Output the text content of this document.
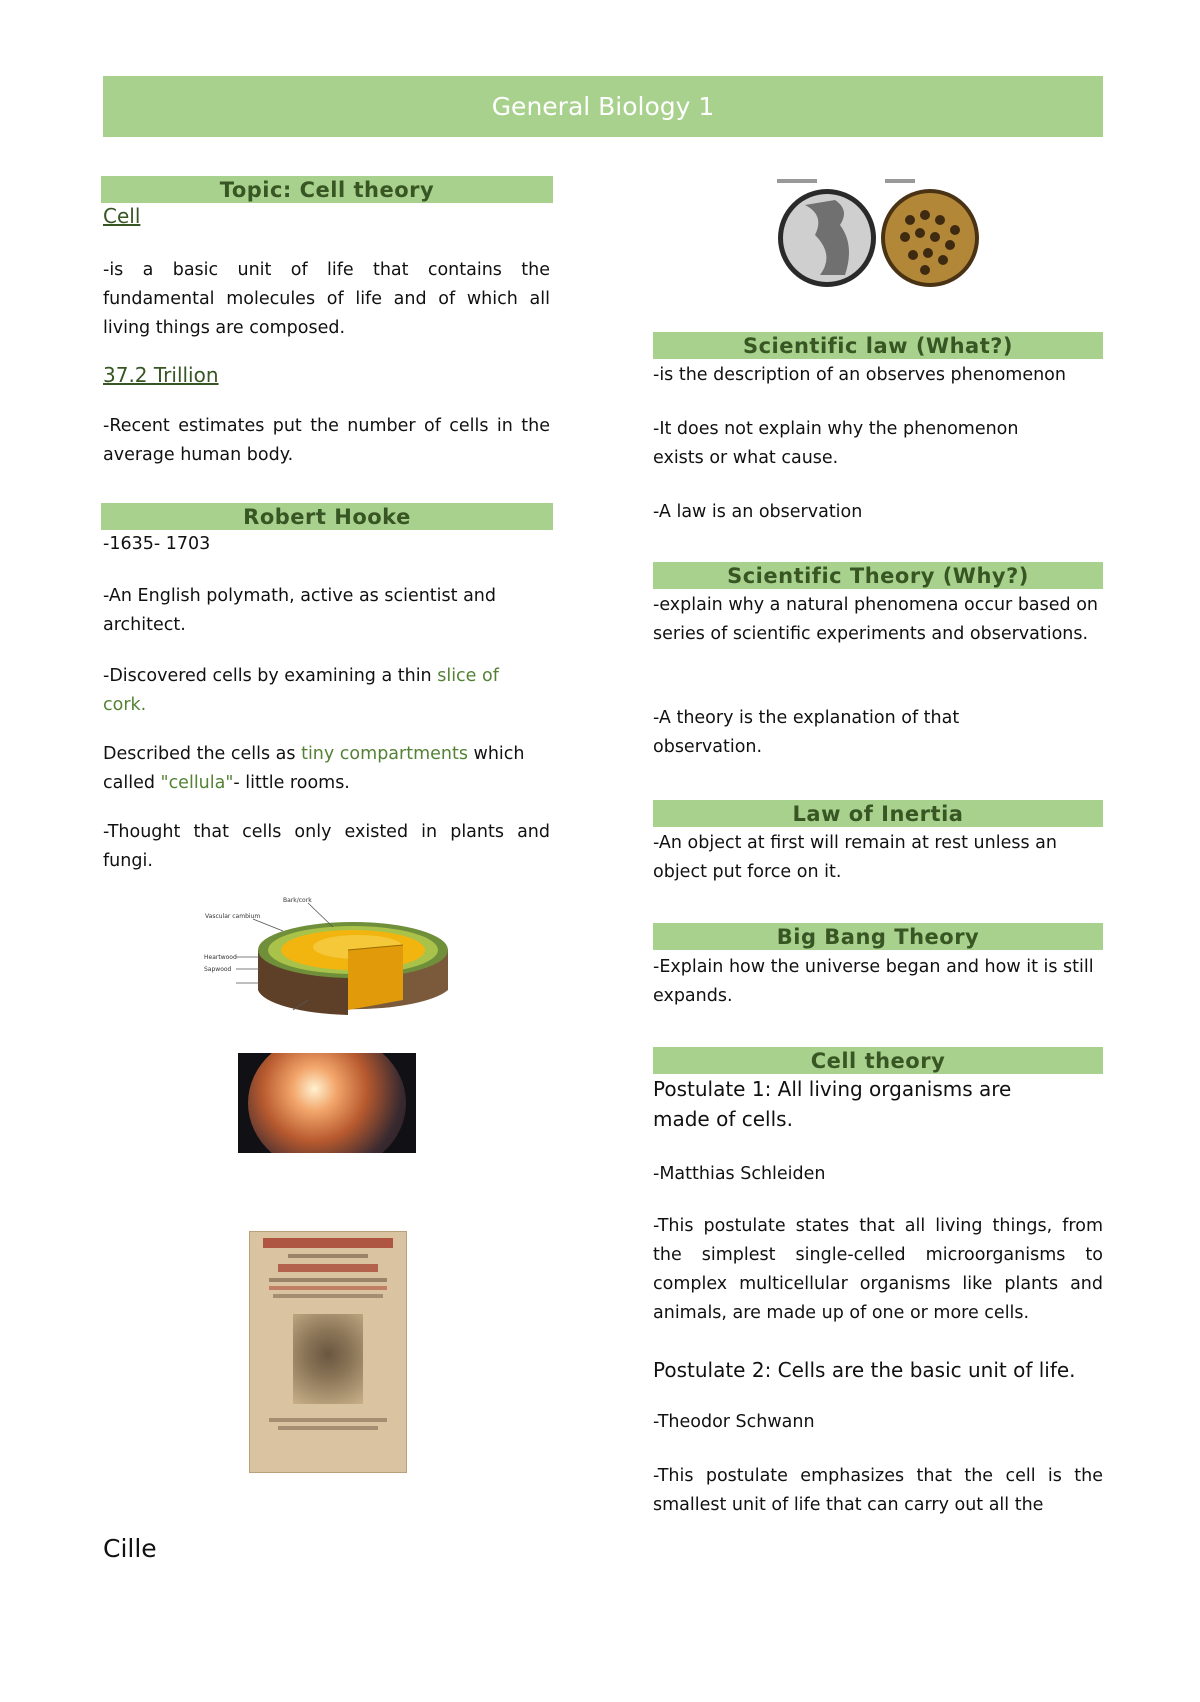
General Biology 1
Topic: Cell theory
Cell
-is a basic unit of life that contains the fundamental molecules of life and of which all living things are composed.
37.2 Trillion
-Recent estimates put the number of cells in the average human body.
Robert Hooke
-1635- 1703
-An English polymath, active as scientist and architect.
-Discovered cells by examining a thin slice of cork.
Described the cells as tiny compartments which called "cellula"- little rooms.
-Thought that cells only existed in plants and fungi.
Bark/cork
Vascular cambium
Heartwood
Sapwood
Scientific law (What?)
-is the description of an observes phenomenon
-It does not explain why the phenomenon exists or what cause.
-A law is an observation
Scientific Theory (Why?)
-explain why a natural phenomena occur based on series of scientific experiments and observations.
-A theory is the explanation of that observation.
Law of Inertia
-An object at first will remain at rest unless an object put force on it.
Big Bang Theory
-Explain how the universe began and how it is still expands.
Cell theory
Postulate 1: All living organisms are made of cells.
-Matthias Schleiden
-This postulate states that all living things, from the simplest single-celled microorganisms to complex multicellular organisms like plants and animals, are made up of one or more cells.
Postulate 2: Cells are the basic unit of life.
-Theodor Schwann
-This postulate emphasizes that the cell is the smallest unit of life that can carry out all the
Cille
